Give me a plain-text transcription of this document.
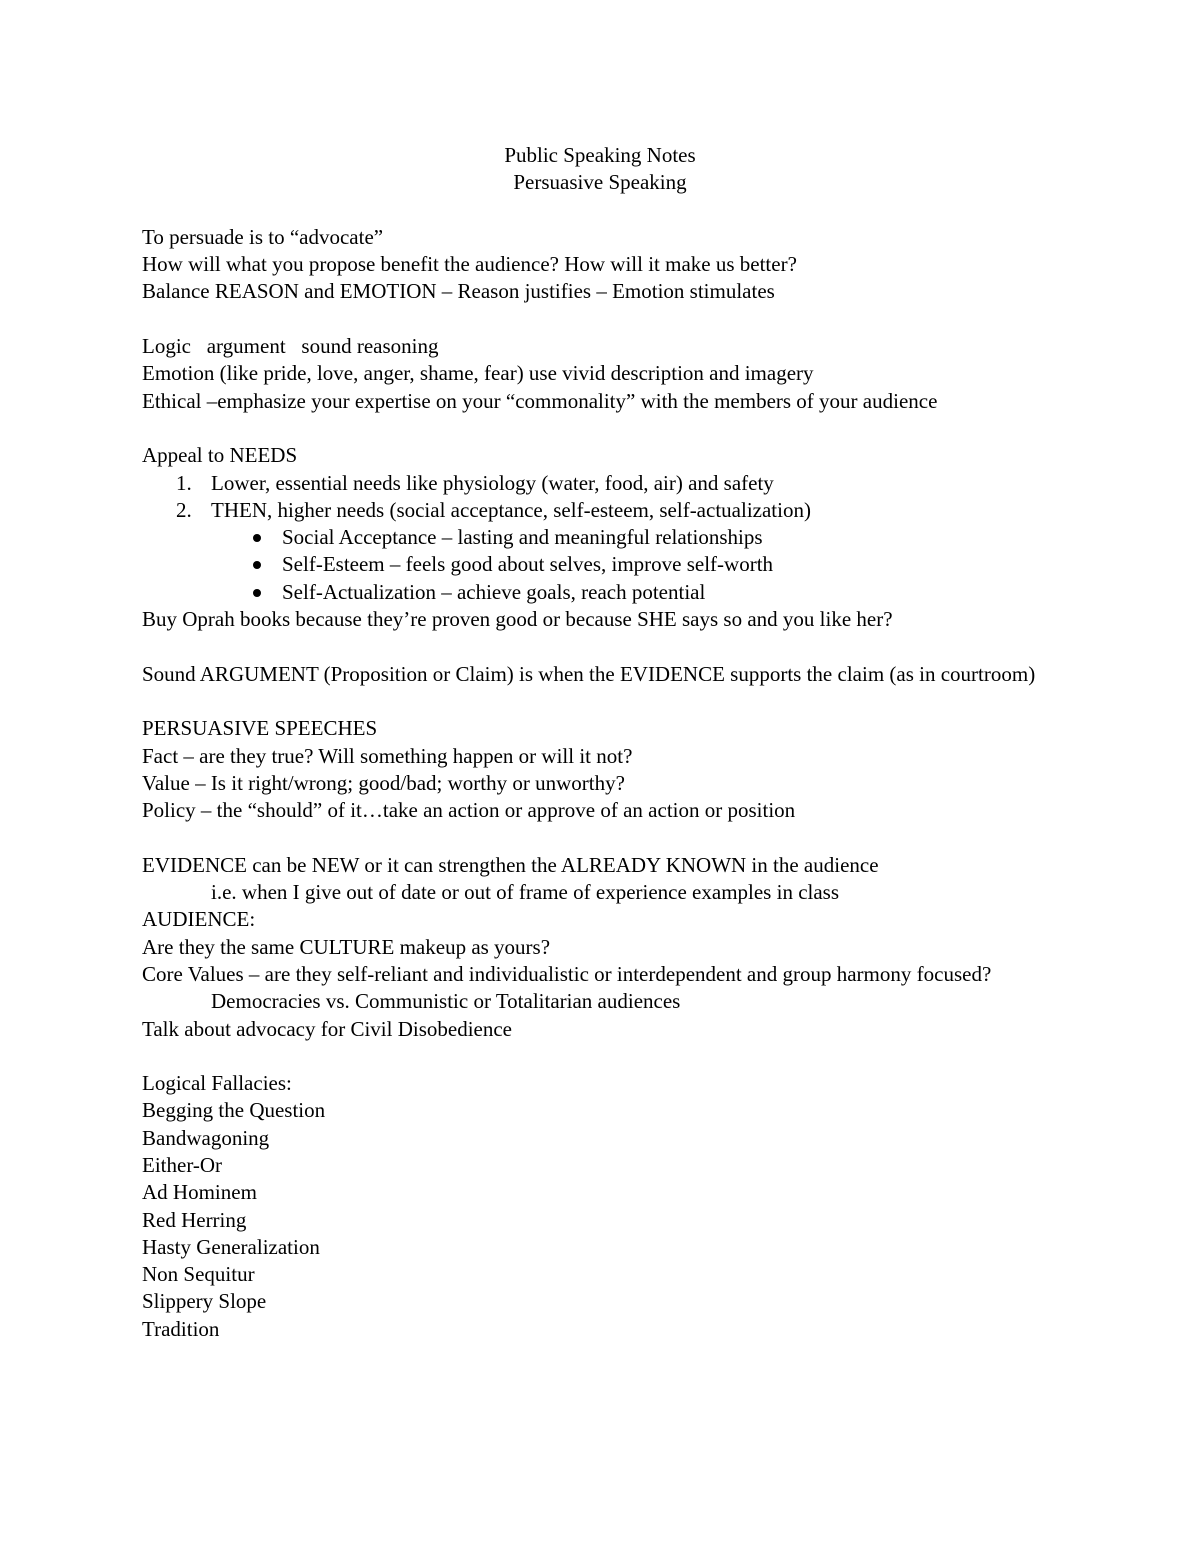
Public Speaking Notes
Persuasive Speaking
To persuade is to “advocate”
How will what you propose benefit the audience? How will it make us better?
Balance REASON and EMOTION – Reason justifies – Emotion stimulates
Logic   argument   sound reasoning
Emotion (like pride, love, anger, shame, fear) use vivid description and imagery
Ethical –emphasize your expertise on your “commonality” with the members of your audience
Appeal to NEEDS
1. Lower, essential needs like physiology (water, food, air) and safety
2. THEN, higher needs (social acceptance, self-esteem, self-actualization)
Social Acceptance – lasting and meaningful relationships
Self-Esteem – feels good about selves, improve self-worth
Self-Actualization – achieve goals, reach potential
Buy Oprah books because they’re proven good or because SHE says so and you like her?
Sound ARGUMENT (Proposition or Claim) is when the EVIDENCE supports the claim (as in courtroom)
PERSUASIVE SPEECHES
Fact – are they true? Will something happen or will it not?
Value – Is it right/wrong; good/bad; worthy or unworthy?
Policy – the “should” of it…take an action or approve of an action or position
EVIDENCE can be NEW or it can strengthen the ALREADY KNOWN in the audience
i.e. when I give out of date or out of frame of experience examples in class
AUDIENCE:
Are they the same CULTURE makeup as yours?
Core Values – are they self-reliant and individualistic or interdependent and group harmony focused?
Democracies vs. Communistic or Totalitarian audiences
Talk about advocacy for Civil Disobedience
Logical Fallacies:
Begging the Question
Bandwagoning
Either-Or
Ad Hominem
Red Herring
Hasty Generalization
Non Sequitur
Slippery Slope
Tradition
